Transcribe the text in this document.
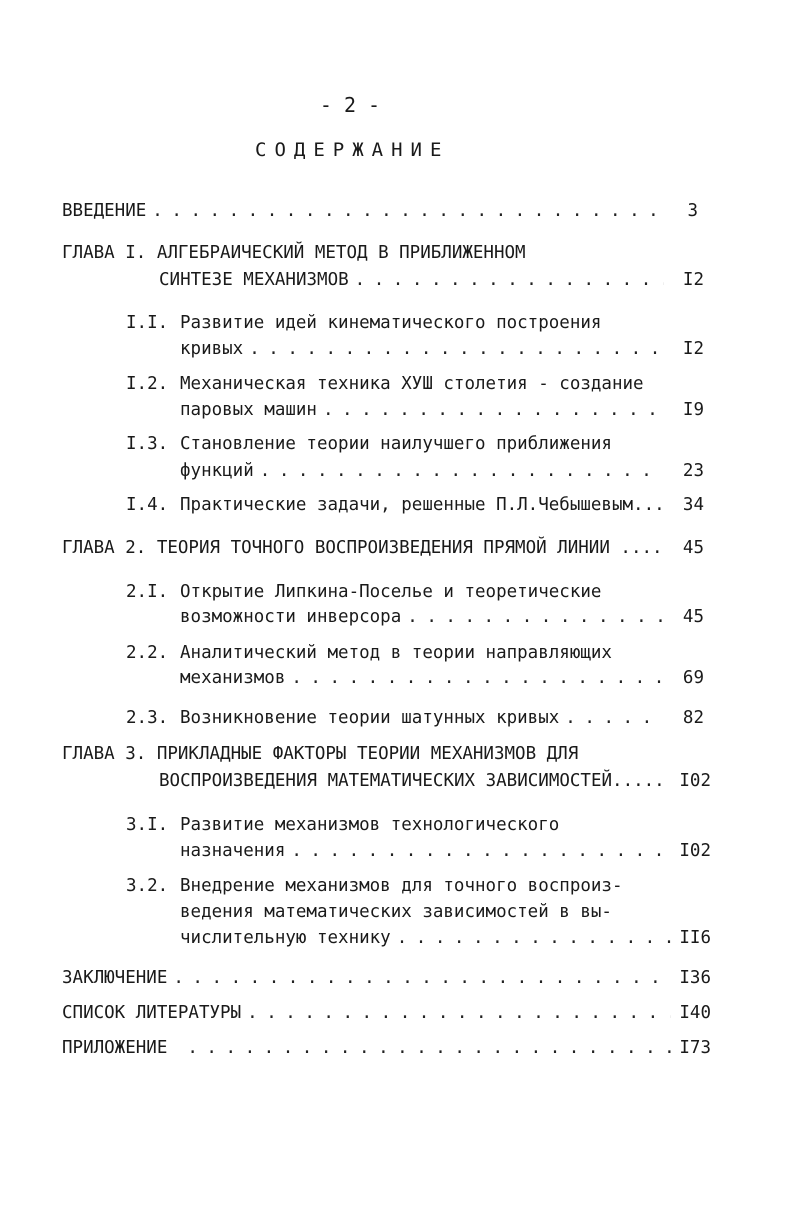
- 2 -
СОДЕРЖАНИЕ
ВВЕДЕНИЕ . . .	3
ГЛАВА I. АЛГЕБРАИЧЕСКИЙ МЕТОД В ПРИБЛИЖЕННОМ
СИНТЕЗЕ МЕХАНИЗМОВ . . .	I2
I.I. Развитие идей кинематического построения
кривых . . .	I2
I.2. Механическая техника ХУШ столетия - создание
паровых машин . . .	I9
I.3. Становление теории наилучшего приближения
функций . . .	23
I.4. Практические задачи, решенные П.Л.Чебышевым...	34
ГЛАВА 2. ТЕОРИЯ ТОЧНОГО ВОСПРОИЗВЕДЕНИЯ ПРЯМОЙ ЛИНИИ ....	45
2.I. Открытие Липкина-Поселье и теоретические
возможности инверсора . . .	45
2.2. Аналитический метод в теории направляющих
механизмов . . .	69
2.3. Возникновение теории шатунных кривых . . .	82
ГЛАВА 3. ПРИКЛАДНЫЕ ФАКТОРЫ ТЕОРИИ МЕХАНИЗМОВ ДЛЯ
ВОСПРОИЗВЕДЕНИЯ МАТЕМАТИЧЕСКИХ ЗАВИСИМОСТЕЙ..... I02
3.I. Развитие механизмов технологического
назначения . . .	I02
3.2. Внедрение механизмов для точного воспроиз-
ведения математических зависимостей в вы-
числительную технику . . .	II6
ЗАКЛЮЧЕНИЕ . . .	I36
СПИСОК ЛИТЕРАТУРЫ . . .	I40
ПРИЛОЖЕНИЕ . . .	I73
